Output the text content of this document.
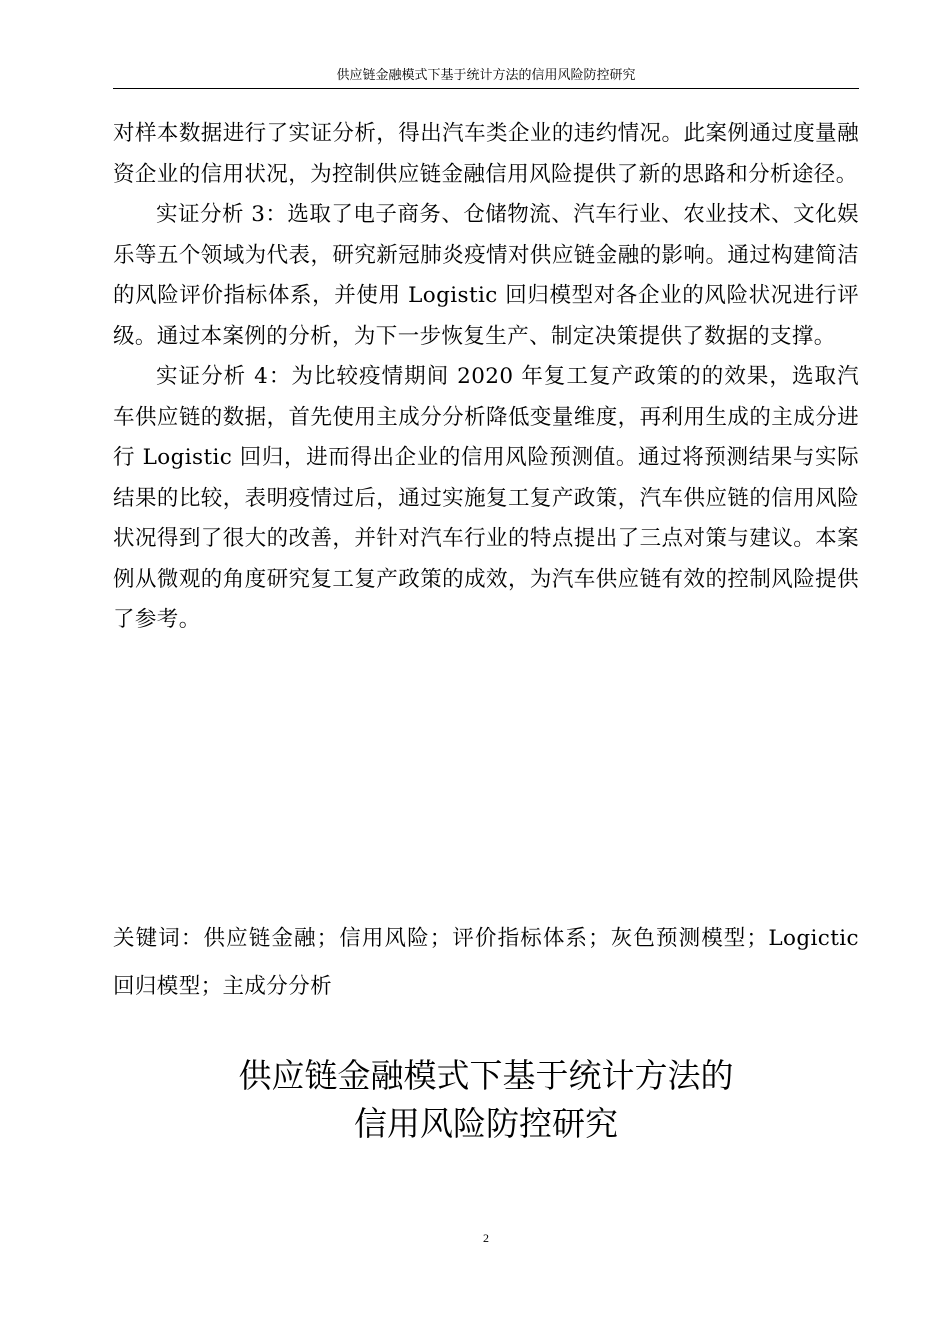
供应链金融模式下基于统计方法的信用风险防控研究

对样本数据进行了实证分析，得出汽车类企业的违约情况。此案例通过度量融资企业的信用状况，为控制供应链金融信用风险提供了新的思路和分析途径。

实证分析 3：选取了电子商务、仓储物流、汽车行业、农业技术、文化娱乐等五个领域为代表，研究新冠肺炎疫情对供应链金融的影响。通过构建简洁的风险评价指标体系，并使用 Logistic 回归模型对各企业的风险状况进行评级。通过本案例的分析，为下一步恢复生产、制定决策提供了数据的支撑。

实证分析 4：为比较疫情期间 2020 年复工复产政策的的效果，选取汽车供应链的数据，首先使用主成分分析降低变量维度，再利用生成的主成分进行 Logistic 回归，进而得出企业的信用风险预测值。通过将预测结果与实际结果的比较，表明疫情过后，通过实施复工复产政策，汽车供应链的信用风险状况得到了很大的改善，并针对汽车行业的特点提出了三点对策与建议。本案例从微观的角度研究复工复产政策的成效，为汽车供应链有效的控制风险提供了参考。

关键词：供应链金融；信用风险；评价指标体系；灰色预测模型；Logictic 回归模型；主成分分析
供应链金融模式下基于统计方法的
信用风险防控研究
2
